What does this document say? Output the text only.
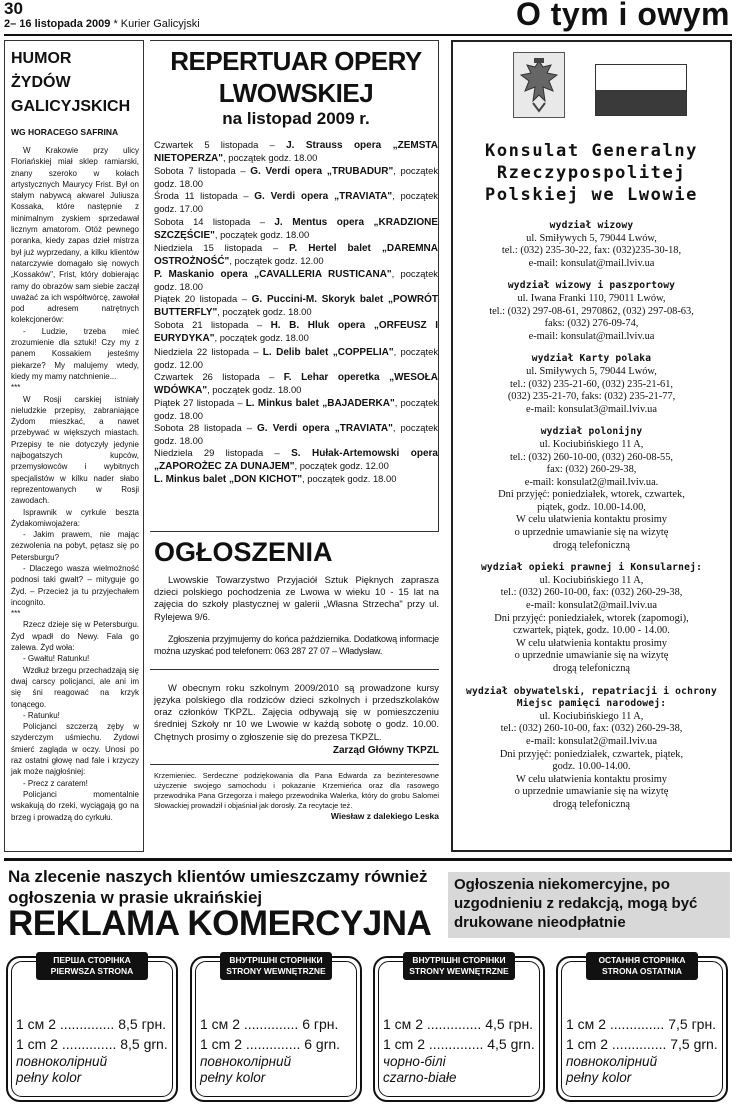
30
2– 16 listopada 2009 * Kurier Galicyjski	O tym i owym
HUMOR ŻYDÓW GALICYJSKICH
WG HORACEGO SAFRINA

W Krakowie przy ulicy Floriańskiej miał sklep ramiarski, znany szeroko w kołach artystycznych Maurycy Frist. Był on stałym nabywcą akwarel Juliusza Kossaka, które następnie z minimalnym zyskiem sprzedawał licznym amatorom. Otóż pewnego poranka, kiedy zapas dzieł mistrza był już wyprzedany, a kilku klientów natarczywie domagało się nowych „Kossaków", Frist, który dobierając ramy do obrazów sam siebie zaczął uważać za ich współtwórcę, zawołał pod adresem natrętnych kolekcjonerów:

- Ludzie, trzeba mieć zrozumienie dla sztuki! Czy my z panem Kossakiem jesteśmy piekarze? My malujemy wtedy, kiedy my mamy natchnienie...

***

W Rosji carskiej istniały nieludzkie przepisy, zabraniające Żydom mieszkać, a nawet przebywać w większych miastach. Przepisy te nie dotyczyły jedynie najbogatszych kupców, przemysłowców i wybitnych specjalistów w kilku nader słabo reprezentowanych w Rosji zawodach.

Isprawnik w cyrkule beszta Żydakomiwojażera:

- Jakim prawem, nie mając zezwolenia na pobyt, pętasz się po Petersburgu?

- Dlaczego wasza wielmożność podnosi taki gwałt? – mityguje go Żyd. – Przecież ja tu przyjechałem incognito.

***

Rzecz dzieje się w Petersburgu. Żyd wpadł do Newy. Fala go zalewa. Żyd woła:

- Gwałtu! Ratunku!

Wzdłuż brzegu przechadzają się dwaj carscy policjanci, ale ani im się śni reagować na krzyk tonącego.

- Ratunku!

Policjanci szczerzą zęby w szyderczym uśmiechu. Żydowi śmierć zagląda w oczy. Unosi po raz ostatni głowę nad fale i krzyczy jak może najgłośniej:

- Precz z caratem!

Policjanci momentalnie wskakują do rzeki, wyciągają go na brzeg i prowadzą do cyrkułu.

REPERTUAR OPERY LWOWSKIEJ
na listopad 2009 r.
Czwartek 5 listopada – J. Strauss opera „ZEMSTA NIETOPERZA", początek godz. 18.00
Sobota 7 listopada – G. Verdi opera „TRUBADUR", początek godz. 18.00
Środa 11 listopada – G. Verdi opera „TRAVIATA", początek godz. 17.00
Sobota 14 listopada – J. Mentus opera „KRADZIONE SZCZĘŚCIE", początek godz. 18.00
Niedziela 15 listopada – P. Hertel balet „DAREMNA OSTROŻNOŚĆ", początek godz. 12.00
P. Maskanio opera „CAVALLERIA RUSTICANA", początek godz. 18.00
Piątek 20 listopada – G. Puccini-M. Skoryk balet „POWRÓT BUTTERFLY", początek godz. 18.00
Sobota 21 listopada – H. B. Hluk opera „ORFEUSZ I EURYDYKA", początek godz. 18.00
Niedziela 22 listopada – L. Delib balet „COPPELIA", początek godz. 12.00
Czwartek 26 listopada – F. Lehar operetka „WESOŁA WDÓWKA", początek godz. 18.00
Piątek 27 listopada – L. Minkus balet „BAJADERKA", początek godz. 18.00
Sobota 28 listopada – G. Verdi opera „TRAVIATA", początek godz. 18.00
Niedziela 29 listopada – S. Hułak-Artemowski opera „ZAPOROŻEC ZA DUNAJEM", początek godz. 12.00
L. Minkus balet „DON KICHOT", początek godz. 18.00
OGŁOSZENIA

Lwowskie Towarzystwo Przyjaciół Sztuk Pięknych zaprasza dzieci polskiego pochodzenia ze Lwowa w wieku 10 - 15 lat na zajęcia do szkoły plastycznej w galerii „Własna Strzecha" przy ul. Rylejewa 9/6.

Zgłoszenia przyjmujemy do końca października. Dodatkową informacje można uzyskać pod telefonem: 063 287 27 07 – Władysław.

W obecnym roku szkolnym 2009/2010 są prowadzone kursy języka polskiego dla rodziców dzieci szkolnych i przedszkolaków oraz członków TKPZL. Zajęcia odbywają się w pomieszczeniu średniej Szkoły nr 10 we Lwowie w każdą sobotę o godz. 10.00. Chętnych prosimy o zgłoszenie się do prezesa TKPZL.

Zarząd Główny TKPZL

Krzemieniec. Serdeczne podziękowania dla Pana Edwarda za bezinteresowne użyczenie swojego samochodu i pokazanie Krzemieńca oraz dla rasowego przewodnika Pana Grzegorza i małego przewodnika Walerka, który do grobu Salomei Słowackiej prowadził i objaśniał jak dorosły. Za recytacje też.

Wiesław z dalekiego Leska
Konsulat Generalny Rzeczypospolitej Polskiej we Lwowie
wydział wizowy
ul. Smiływych 5, 79044 Lwów,
tel.: (032) 235-30-22, fax: (032)235-30-18,
e-mail: konsulat@mail.lviv.ua
wydział wizowy i paszportowy
ul. Iwana Franki 110, 79011 Lwów,
tel.: (032) 297-08-61, 2970862, (032) 297-08-63,
faks: (032) 276-09-74,
e-mail: konsulat@mail.lviv.ua
wydział Karty polaka
ul. Smiływych 5, 79044 Lwów,
tel.: (032) 235-21-60, (032) 235-21-61,
(032) 235-21-70, faks: (032) 235-21-77,
e-mail: konsulat3@mail.lviv.ua
wydział polonijny
ul. Kociubińskiego 11 A,
tel.: (032) 260-10-00, (032) 260-08-55,
fax: (032) 260-29-38,
e-mail: konsulat2@mail.lviv.ua.
Dni przyjęć: poniedziałek, wtorek, czwartek,
piątek, godz. 10.00-14.00,
W celu ułatwienia kontaktu prosimy
o uprzednie umawianie się na wizytę
drogą telefoniczną
wydział opieki prawnej i Konsularnej:
ul. Kociubińskiego 11 A,
tel.: (032) 260-10-00, fax: (032) 260-29-38,
e-mail: konsulat2@mail.lviv.ua
Dni przyjęć: poniedziałek, wtorek (zapomogi),
czwartek, piątek, godz. 10.00 - 14.00.
W celu ułatwienia kontaktu prosimy
o uprzednie umawianie się na wizytę
drogą telefoniczną
wydział obywatelski, repatriacji i ochrony Miejsc pamięci narodowej:
ul. Kociubińskiego 11 A,
tel.: (032) 260-10-00, fax: (032) 260-29-38,
e-mail: konsulat2@mail.lviv.ua
Dni przyjęć: poniedziałek, czwartek, piątek,
godz. 10.00-14.00.
W celu ułatwienia kontaktu prosimy
o uprzednie umawianie się na wizytę
drogą telefoniczną
Na zlecenie naszych klientów umieszczamy również ogłoszenia w prasie ukraińskiej
REKLAMA KOMERCYJNA
Ogłoszenia niekomercyjne, po uzgodnieniu z redakcją, mogą być drukowane nieodpłatnie
ПЕРША СТОРІНКА PIERWSZA STRONA
1 см 2 .............. 8,5 грн.
1 cm 2 .............. 8,5 grn.
повноколірний
pełny kolor
ВНУТРІШНІ СТОРІНКИ STRONY WEWNĘTRZNE
1 см 2 .............. 6 грн.
1 cm 2 .............. 6 grn.
повноколірний
pełny kolor
ВНУТРІШНІ СТОРІНКИ STRONY WEWNĘTRZNE
1 см 2 .............. 4,5 грн.
1 cm 2 .............. 4,5 grn.
чорно-білі
czarno-białe
ОСТАННЯ СТОРІНКА STRONA OSTATNIA
1 см 2 .............. 7,5 грн.
1 cm 2 .............. 7,5 grn.
повноколірний
pełny kolor
